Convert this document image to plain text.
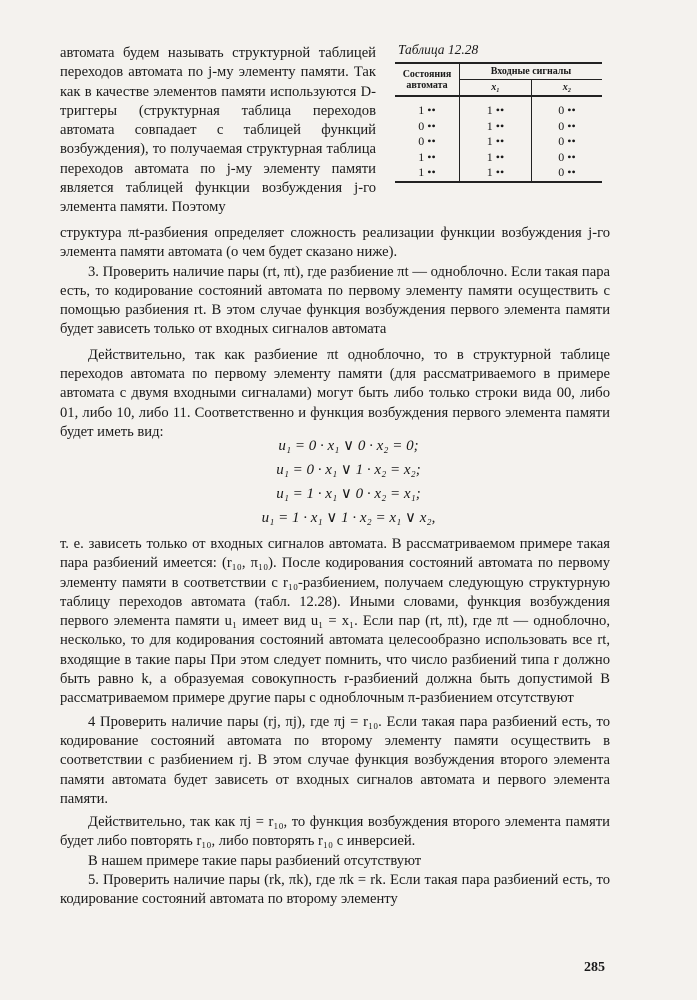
автомата будем называть структурной таблицей переходов автомата по j-му элементу памяти. Так как в качестве элементов памяти используются D-триггеры (структурная таблица переходов автомата совпадает с таблицей функций возбуждения), то получаемая структурная таблица переходов автомата по j-му элементу памяти является таблицей функции возбуждения j-го элемента памяти. Поэтому

Таблица 12.28
Состояния автомата	Входные сигналы	
	x₁	x₂

1 ••	1 ••	0 ••
0 ••	1 ••	0 ••
0 ••	1 ••	0 ••
1 ••	1 ••	0 ••
1 ••	1 ••	0 ••

структура πt-разбиения определяет сложность реализации функции возбуждения j-го элемента памяти автомата (о чем будет сказано ниже).

3. Проверить наличие пары (rt, πt), где разбиение πt — одноблочно. Если такая пара есть, то кодирование состояний автомата по первому элементу памяти осуществить с помощью разбиения rt. В этом случае функция возбуждения первого элемента памяти будет зависеть только от входных сигналов автомата

Действительно, так как разбиение πt одноблочно, то в структурной таблице переходов автомата по первому элементу памяти (для рассматриваемого в примере автомата с двумя входными сигналами) могут быть либо только строки вида 00, либо 01, либо 10, либо 11. Соответственно и функция возбуждения первого элемента памяти будет иметь вид:

u₁ = 0 · x₁ ∨ 0 · x₂ = 0;
u₁ = 0 · x₁ ∨ 1 · x₂ = x₂;
u₁ = 1 · x₁ ∨ 0 · x₂ = x₁;
u₁ = 1 · x₁ ∨ 1 · x₂ = x₁ ∨ x₂,

т. е. зависеть только от входных сигналов автомата. В рассматриваемом примере такая пара разбиений имеется: (r₁₀, π₁₀). После кодирования состояний автомата по первому элементу памяти в соответствии с r₁₀-разбиением, получаем следующую структурную таблицу переходов автомата (табл. 12.28). Иными словами, функция возбуждения первого элемента памяти u₁ имеет вид u₁ = x₁. Если пар (rt, πt), где πt — одноблочно, несколько, то для кодирования состояний автомата целесообразно использовать все rt, входящие в такие пары При этом следует помнить, что число разбиений типа r должно быть равно k, а образуемая совокупность r-разбиений должна быть допустимой В рассматриваемом примере другие пары с одноблочным π-разбиением отсутствуют

4 Проверить наличие пары (rj, πj), где πj = r₁₀. Если такая пара разбиений есть, то кодирование состояний автомата по второму элементу памяти осуществить в соответствии с разбиением rj. В этом случае функция возбуждения второго элемента памяти автомата будет зависеть от входных сигналов автомата и первого элемента памяти.

Действительно, так как πj = r₁₀, то функция возбуждения второго элемента памяти будет либо повторять r₁₀, либо повторять r₁₀ с инверсией.

В нашем примере такие пары разбиений отсутствуют

5. Проверить наличие пары (rk, πk), где πk = rk. Если такая пара разбиений есть, то кодирование состояний автомата по второму элементу

285
